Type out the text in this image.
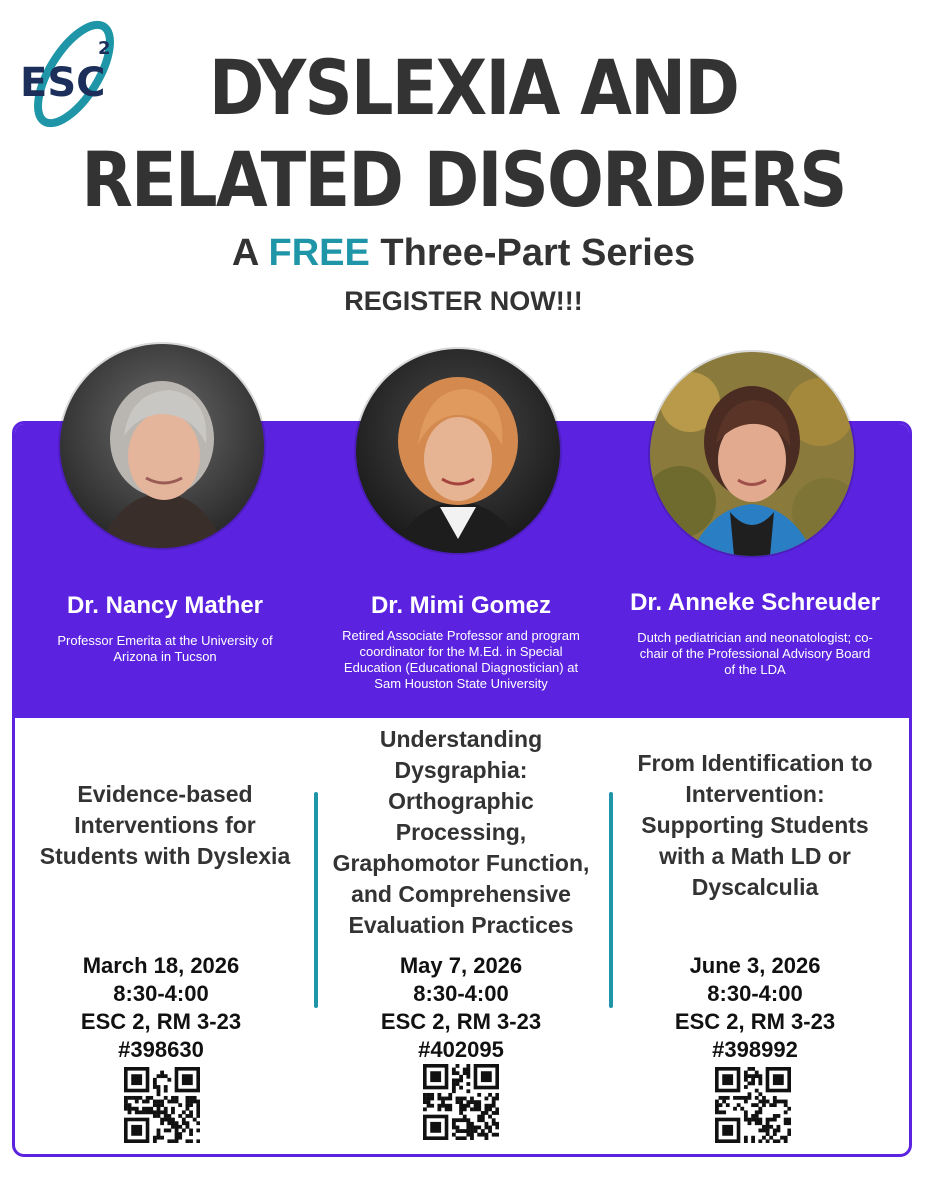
ESC
2	DYSLEXIA AND
RELATED DISORDERS
A FREE Three-Part Series
REGISTER NOW!!!
Dr. Nancy Mather
Professor Emerita at the University of Arizona in Tucson
Dr. Mimi Gomez
Retired Associate Professor and program coordinator for the M.Ed. in Special Education (Educational Diagnostician) at Sam Houston State University
Dr. Anneke Schreuder
Dutch pediatrician and neonatologist; co-chair of the Professional Advisory Board of the LDA
Evidence-based
Interventions for
Students with Dyslexia
Understanding
Dysgraphia:
Orthographic
Processing,
Graphomotor Function,
and Comprehensive
Evaluation Practices
From Identification to
Intervention:
Supporting Students
with a Math LD or
Dyscalculia
March 18, 2026
8:30-4:00
ESC 2, RM 3-23
#398630
May 7, 2026
8:30-4:00
ESC 2, RM 3-23
#402095
June 3, 2026
8:30-4:00
ESC 2, RM 3-23
#398992
